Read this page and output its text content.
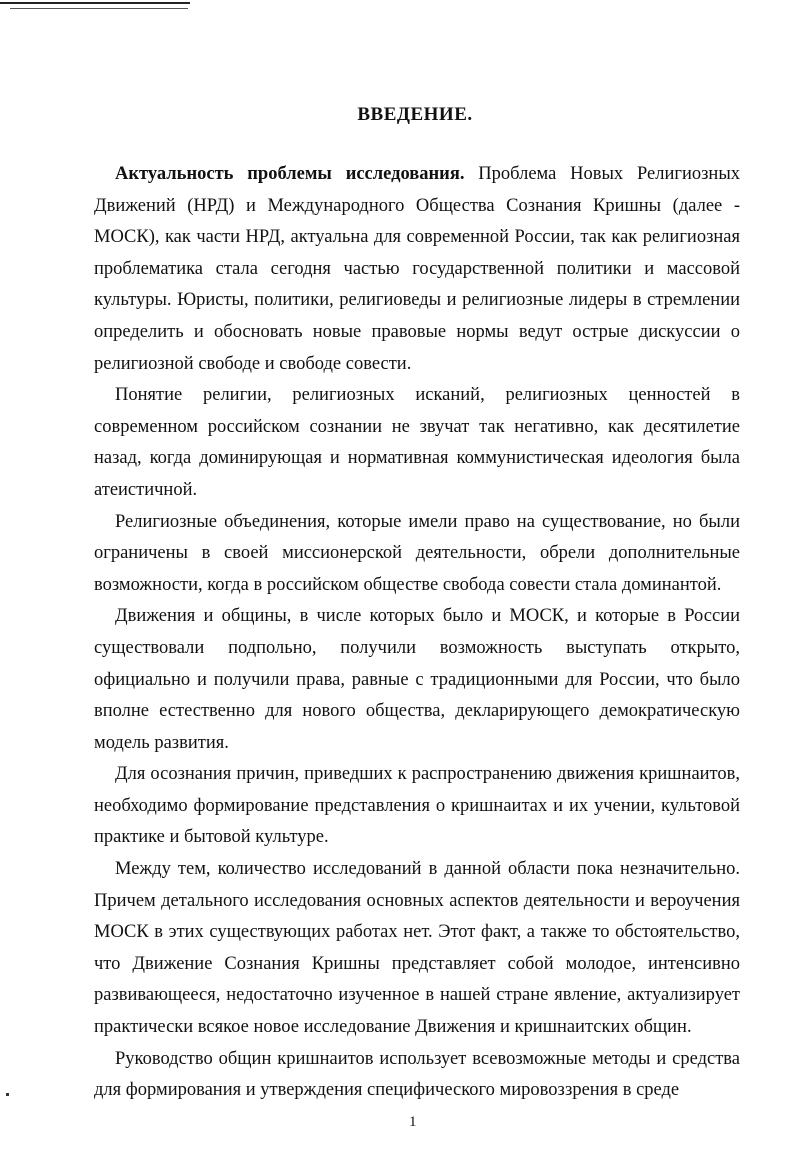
ВВЕДЕНИЕ.

Актуальность проблемы исследования. Проблема Новых Религиозных Движений (НРД) и Международного Общества Сознания Кришны (далее - МОСК), как части НРД, актуальна для современной России, так как религиозная проблематика стала сегодня частью государственной политики и массовой культуры. Юристы, политики, религиоведы и религиозные лидеры в стремлении определить и обосновать новые правовые нормы ведут острые дискуссии о религиозной свободе и свободе совести.

Понятие религии, религиозных исканий, религиозных ценностей в современном российском сознании не звучат так негативно, как десятилетие назад, когда доминирующая и нормативная коммунистическая идеология была атеистичной.

Религиозные объединения, которые имели право на существование, но были ограничены в своей миссионерской деятельности, обрели дополнительные возможности, когда в российском обществе свобода совести стала доминантой.

Движения и общины, в числе которых было и МОСК, и которые в России существовали подпольно, получили возможность выступать открыто, официально и получили права, равные с традиционными для России, что было вполне естественно для нового общества, декларирующего демократическую модель развития.

Для осознания причин, приведших к распространению движения кришнаитов, необходимо формирование представления о кришнаитах и их учении, культовой практике и бытовой культуре.

Между тем, количество исследований в данной области пока незначительно. Причем детального исследования основных аспектов деятельности и вероучения МОСК в этих существующих работах нет. Этот факт, а также то обстоятельство, что Движение Сознания Кришны представляет собой молодое, интенсивно развивающееся, недостаточно изученное в нашей стране явление, актуализирует практически всякое новое исследование Движения и кришнаитских общин.

Руководство общин кришнаитов использует всевозможные методы и средства для формирования и утверждения специфического мировоззрения в среде

1
